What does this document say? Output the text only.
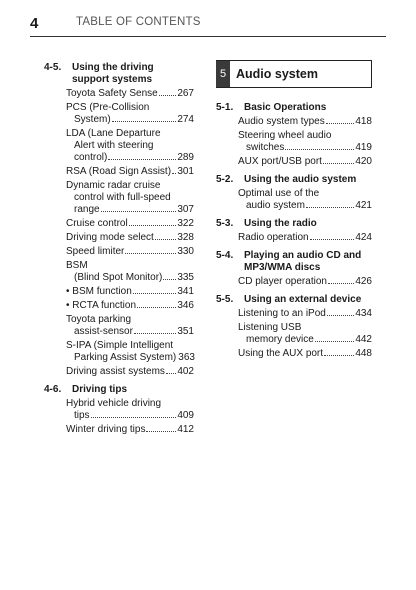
4	TABLE OF CONTENTS
4-5. Using the driving
support systems
Toyota Safety Sense 267
PCS (Pre-Collision
System)	274
LDA (Lane Departure
Alert with steering
control)	289
RSA (Road Sign Assist) 301
Dynamic radar cruise
control with full-speed
range	307
Cruise control	322
Driving mode select 328
Speed limiter	330
BSM
(Blind Spot Monitor) 335
• BSM function	341
• RCTA function	346
Toyota parking
assist-sensor	351
S-IPA (Simple Intelligent
Parking Assist System) 363
Driving assist systems 402
4-6. Driving tips
Hybrid vehicle driving
tips	409
Winter driving tips	412
5 Audio system
5-1. Basic Operations
Audio system types	418
Steering wheel audio
switches	419
AUX port/USB port	420
5-2. Using the audio system
Optimal use of the
audio system	421
5-3. Using the radio
Radio operation	424
5-4. Playing an audio CD and
MP3/WMA discs
CD player operation	426
5-5. Using an external device
Listening to an iPod	434
Listening USB
memory device	442
Using the AUX port	448
